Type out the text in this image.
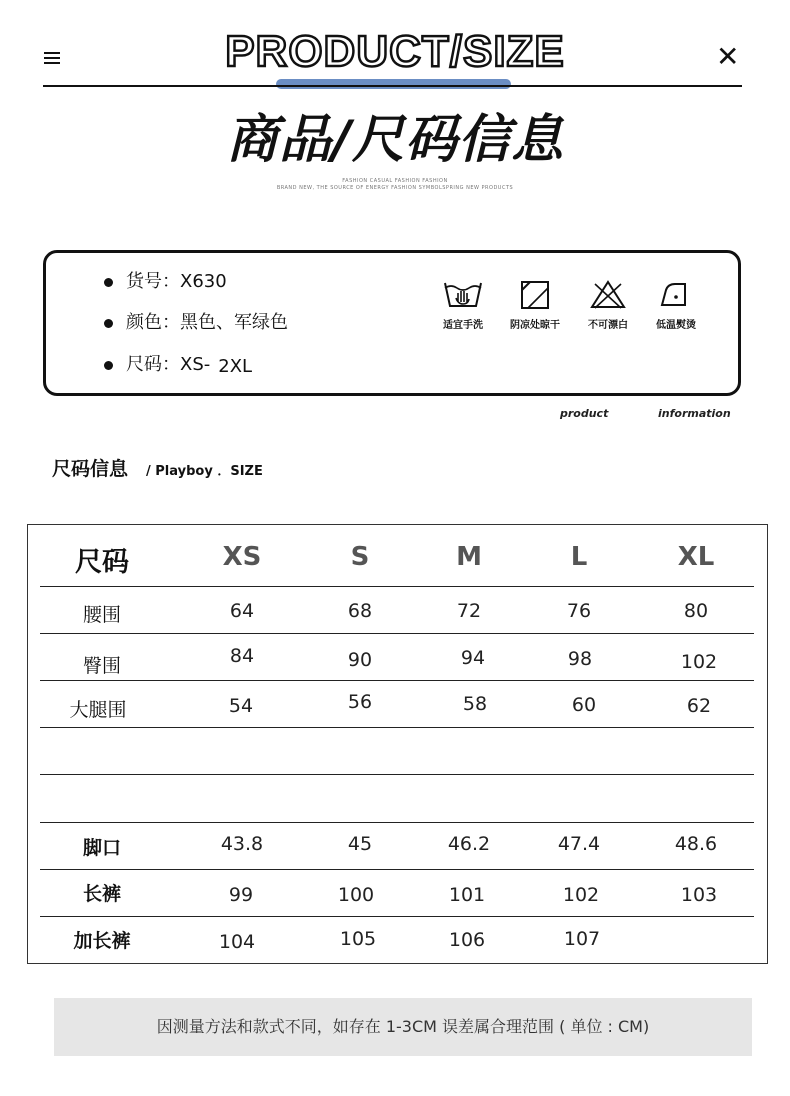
✕
PRODUCT/SIZE
商品/尺码信息
FASHION CASUAL FASHION FASHION
BRAND NEW, THE SOURCE OF ENERGY FASHION SYMBOLSPRING NEW PRODUCTS
货号：X630
颜色：黑色、军绿色
尺码：XS- 2XL
适宜手洗	阴凉处晾干	不可漂白	低温熨烫
product	information
尺码信息 / Playboy ．SIZE
尺码	XS	S	M	L	XL
腰围	64	68	72	76	80
臀围	84	90	94	98	102
大腿围	54	56	58	60	62
脚口	43.8	45	46.2	47.4	48.6
长裤	99	100	101	102	103
加长裤	104	105	106	107
因测量方法和款式不同，如存在 1-3CM 误差属合理范围 ( 单位 : CM)
